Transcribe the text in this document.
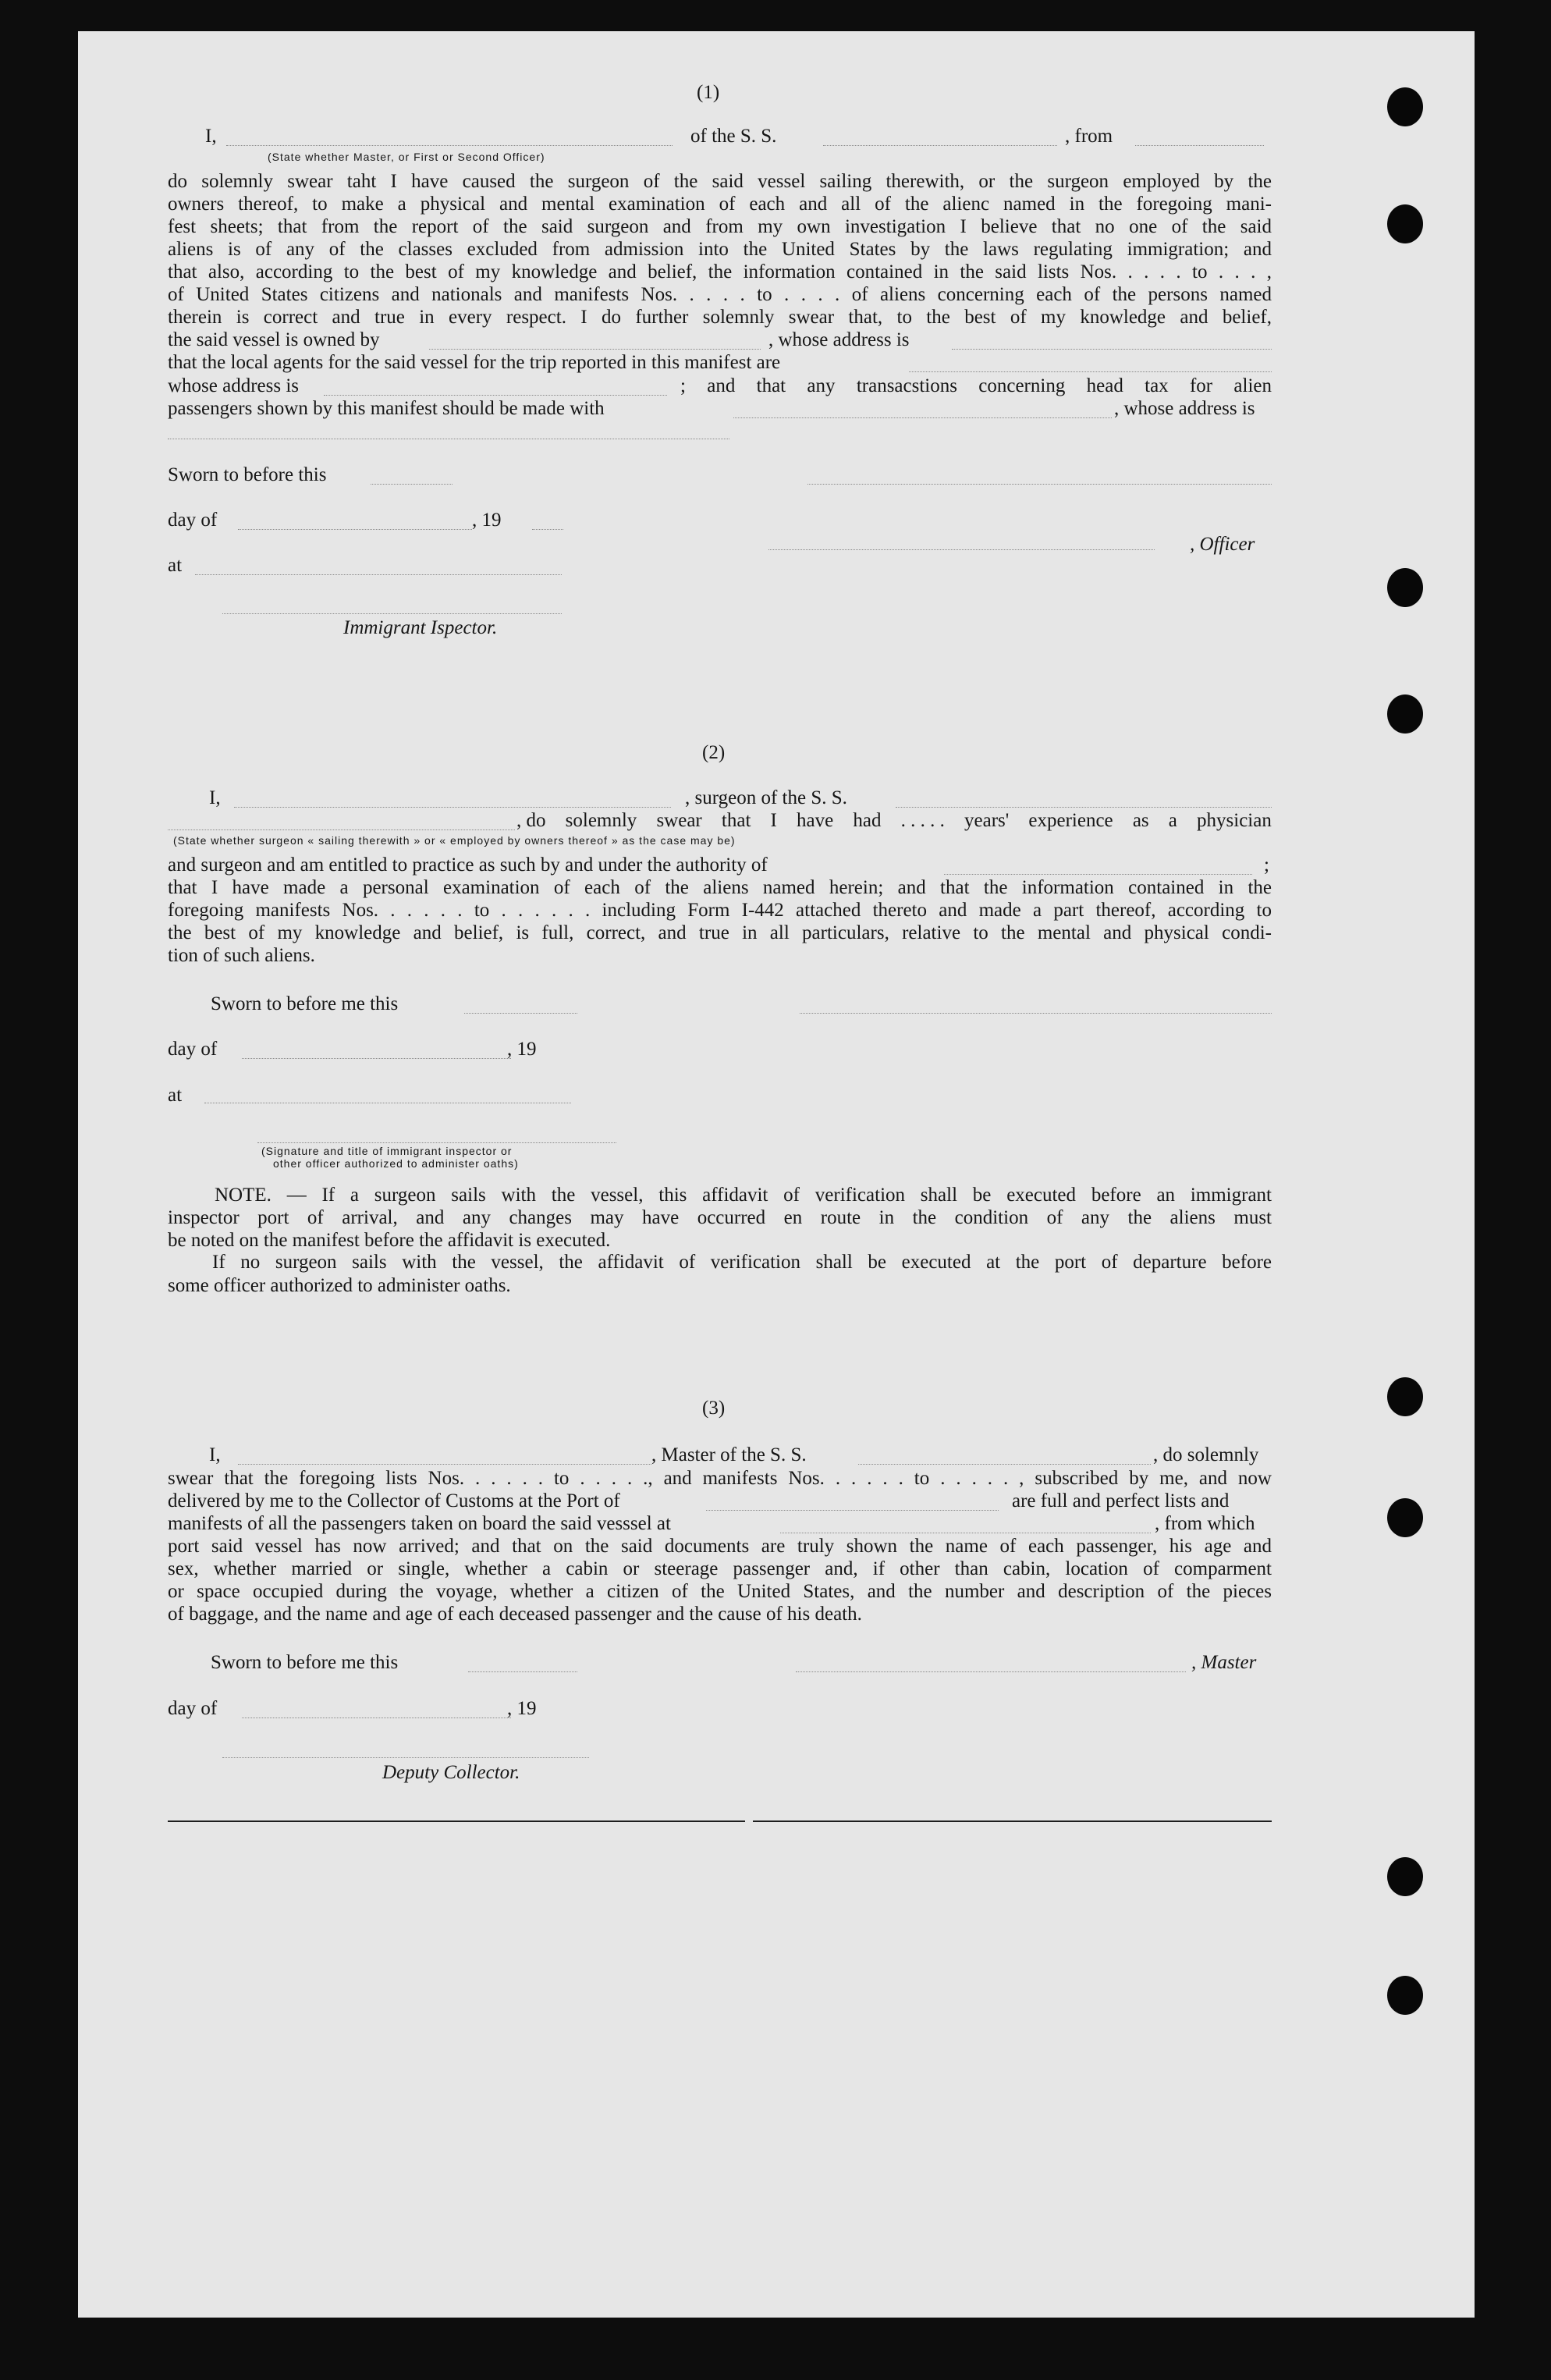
(1)
I,	of the S. S.	, from
(State whether Master, or First or Second Officer)
do solemnly swear taht I have caused the surgeon of the said vessel sailing therewith, or the surgeon employed by the
owners thereof, to make a physical and mental examination of each and all of the alienc named in the foregoing mani-
fest sheets; that from the report of the said surgeon and from my own investigation I believe that no one of the said
aliens is of any of the classes excluded from admission into the United States by the laws regulating immigration; and
that also, according to the best of my knowledge and belief, the information contained in the said lists Nos. . . . . to . . . ,
of United States citizens and nationals and manifests Nos. . . . . to . . . . of aliens concerning each of the persons named
therein is correct and true in every respect. I do further solemnly swear that, to the best of my knowledge and belief,
the said vessel is owned by	, whose address is
that the local agents for the said vessel for the trip reported in this manifest are
whose address is	; and that any transacstions concerning head tax for alien
passengers shown by this manifest should be made with	, whose address is
Sworn to before this
day of	, 19
, Officer
at
Immigrant Ispector.
(2)
I,	, surgeon of the S. S.
, do solemnly swear that I have had . . . . . years' experience as a physician
(State whether surgeon « sailing therewith » or « employed by owners thereof » as the case may be)
and surgeon and am entitled to practice as such by and under the authority of	;
that I have made a personal examination of each of the aliens named herein; and that the information contained in the
foregoing manifests Nos. . . . . . to . . . . . . including Form I-442 attached thereto and made a part thereof, according to
the best of my knowledge and belief, is full, correct, and true in all particulars, relative to the mental and physical condi-
tion of such aliens.
Sworn to before me this
day of	, 19
at
(Signature and title of immigrant inspector or
other officer authorized to administer oaths)
NOTE. — If a surgeon sails with the vessel, this affidavit of verification shall be executed before an immigrant
inspector port of arrival, and any changes may have occurred en route in the condition of any the aliens must
be noted on the manifest before the affidavit is executed.
If no surgeon sails with the vessel, the affidavit of verification shall be executed at the port of departure before
some officer authorized to administer oaths.
(3)
I,	, Master of the S. S.	, do solemnly
swear that the foregoing lists Nos. . . . . . to . . . . ., and manifests Nos. . . . . . to . . . . . , subscribed by me, and now
delivered by me to the Collector of Customs at the Port of	are full and perfect lists and
manifests of all the passengers taken on board the said vesssel at	, from which
port said vessel has now arrived; and that on the said documents are truly shown the name of each passenger, his age and
sex, whether married or single, whether a cabin or steerage passenger and, if other than cabin, location of comparment
or space occupied during the voyage, whether a citizen of the United States, and the number and description of the pieces
of baggage, and the name and age of each deceased passenger and the cause of his death.
Sworn to before me this	, Master
day of	, 19
Deputy Collector.
